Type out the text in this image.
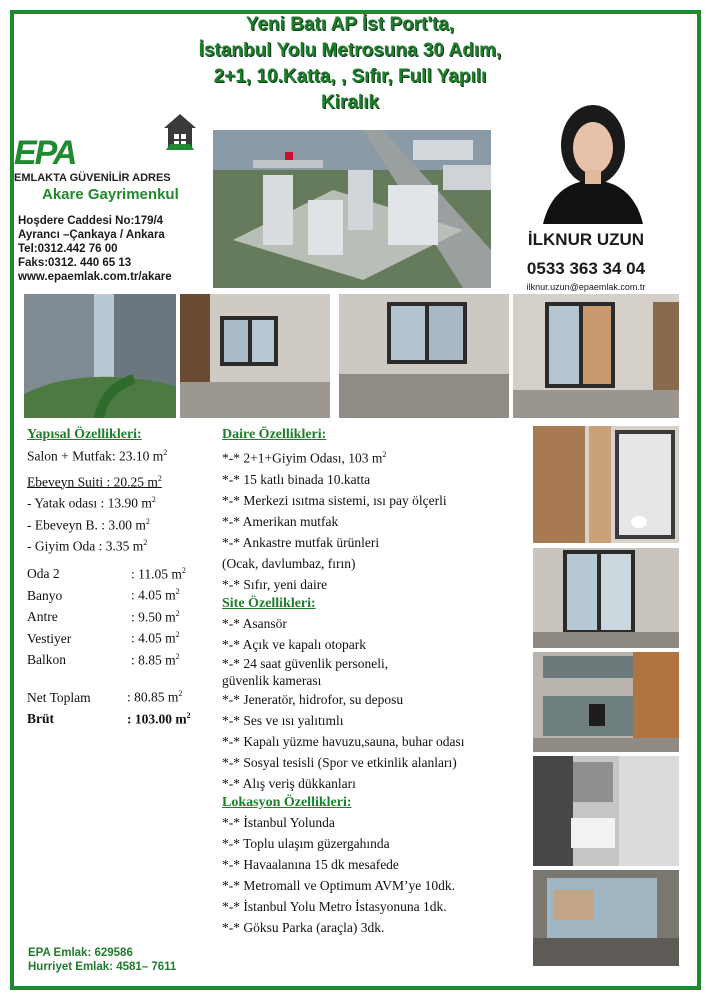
Yeni Batı AP İst Port'ta,
İstanbul Yolu Metrosuna 30 Adım,
2+1, 10.Katta, , Sıfır, Full Yapılı
Kiralık
EPA
EMLAKTA GÜVENİLİR ADRES
Akare Gayrimenkul
Hoşdere Caddesi No:179/4
Ayrancı –Çankaya / Ankara
Tel:0312.442 76 00
Faks:0312. 440 65 13
www.epaemlak.com.tr/akare
İLKNUR UZUN
0533 363 34 04
ilknur.uzun@epaemlak.com.tr
Yapısal Özellikleri:
Salon + Mutfak: 23.10 $m^2$
Ebeveyn Suiti : 20.25 $m^2$
- Yatak odası : 13.90 $m^2$
- Ebeveyn B. : 3.00 $m^2$
- Giyim Oda : 3.35 $m^2$
Oda 2	: 11.05 $m^2$
Banyo	: 4.05 $m^2$
Antre	: 9.50 $m^2$
Vestiyer	: 4.05 $m^2$
Balkon	: 8.85 $m^2$
Net Toplam	: 80.85 $m^2$
Brüt	: 103.00 $m^2$
Daire Özellikleri:
*-* 2+1+Giyim Odası, 103 $m^2$
*-* 15 katlı binada 10.katta
*-* Merkezi ısıtma sistemi, ısı pay ölçerli
*-* Amerikan mutfak
*-* Ankastre mutfak ürünleri
(Ocak, davlumbaz, fırın)
*-* Sıfır, yeni daire
Site Özellikleri:
*-* Asansör
*-* Açık ve kapalı otopark
*-* 24 saat güvenlik personeli,
güvenlik kamerası
*-* Jeneratör, hidrofor, su deposu
*-* Ses ve ısı yalıtımlı
*-* Kapalı yüzme havuzu,sauna, buhar odası
*-* Sosyal tesisli (Spor ve etkinlik alanları)
*-* Alış veriş dükkanları
Lokasyon Özellikleri:
*-* İstanbul Yolunda
*-* Toplu ulaşım güzergahında
*-* Havaalanına 15 dk mesafede
*-* Metromall ve Optimum AVM’ye 10dk.
*-* İstanbul Yolu Metro İstasyonuna 1dk.
*-* Göksu Parka (araçla) 3dk.
EPA Emlak: 629586
Hurriyet Emlak: 4581– 7611
